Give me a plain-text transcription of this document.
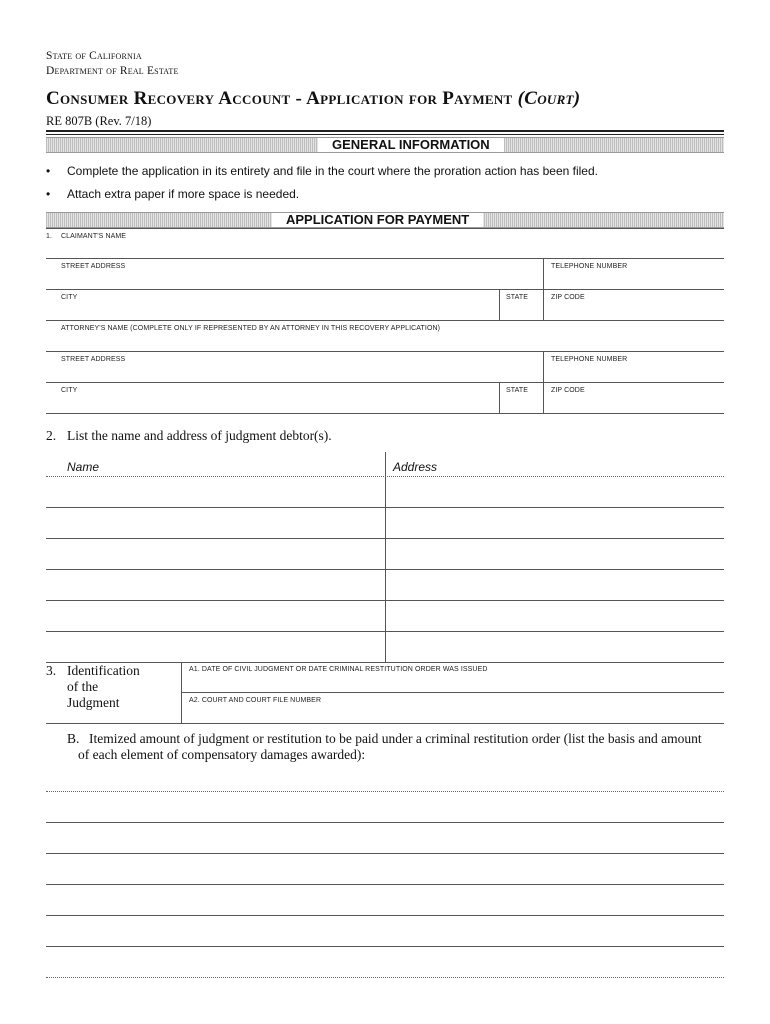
State of California
Department of Real Estate
Consumer Recovery Account - Application for Payment (Court)
RE 807B (Rev. 7/18)
GENERAL INFORMATION
• Complete the application in its entirety and file in the court where the proration action has been filed.
• Attach extra paper if more space is needed.
APPLICATION FOR PAYMENT
1. CLAIMANT'S NAME
STREET ADDRESS	TELEPHONE NUMBER
CITY	STATE	ZIP CODE
ATTORNEY'S NAME (COMPLETE ONLY IF REPRESENTED BY AN ATTORNEY IN THIS RECOVERY APPLICATION)
STREET ADDRESS	TELEPHONE NUMBER
CITY	STATE	ZIP CODE
2. List the name and address of judgment debtor(s).
Name	Address
3. Identification
of the
Judgment
A1. DATE OF CIVIL JUDGMENT OR DATE CRIMINAL RESTITUTION ORDER WAS ISSUED
A2. COURT AND COURT FILE NUMBER
B. Itemized amount of judgment or restitution to be paid under a criminal restitution order (list the basis and amount
of each element of compensatory damages awarded):
